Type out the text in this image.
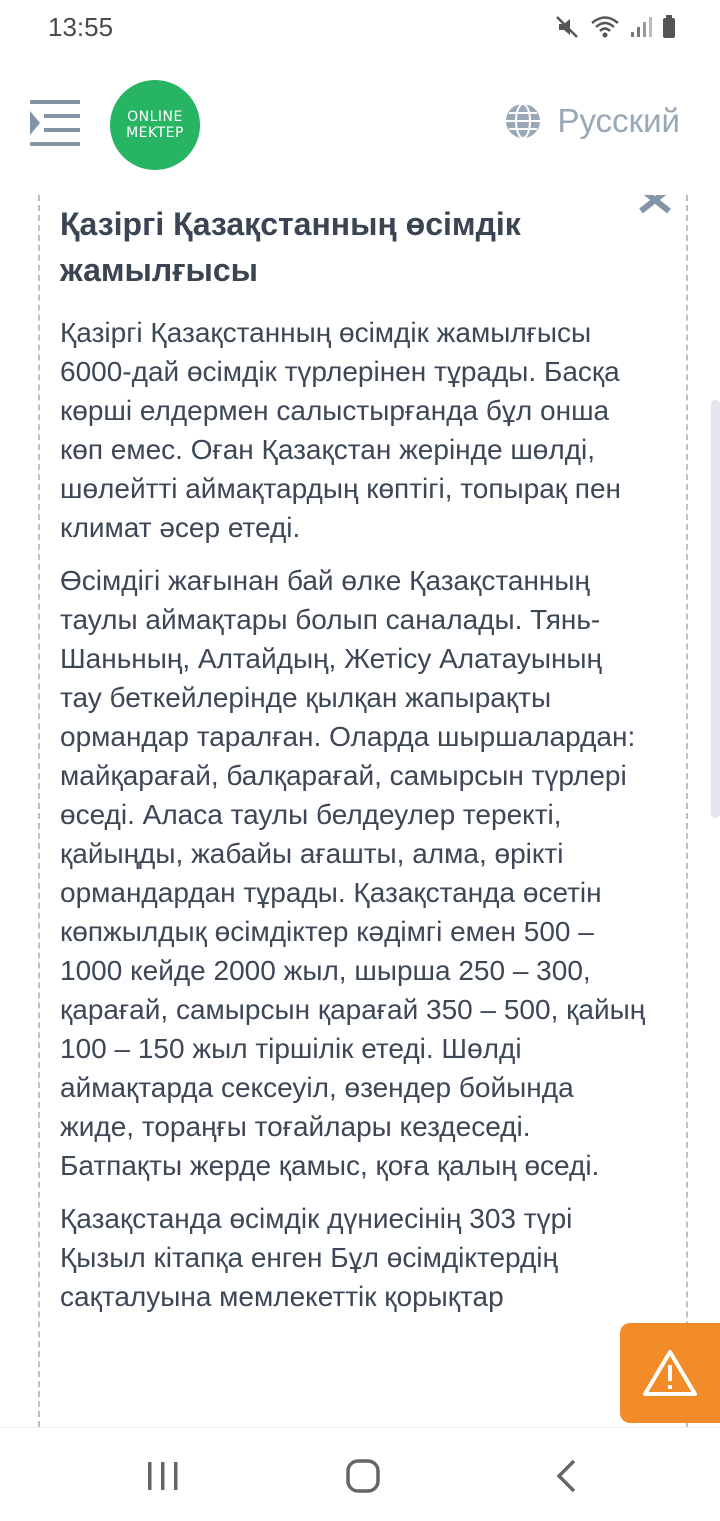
13:55
ONLINE
MEKTEP	Русский
Қазіргі Қазақстанның өсімдік жамылғысы

Қазіргі Қазақстанның өсімдік жамылғысы 6000-дай өсімдік түрлерінен тұрады. Басқа көрші елдермен салыстырғанда бұл онша көп емес. Оған Қазақстан жерінде шөлді, шөлейтті аймақтардың көптігі, топырақ пен климат әсер етеді.

Өсімдігі жағынан бай өлке Қазақстанның таулы аймақтары болып саналады. Тянь-Шаньның, Алтайдың, Жетісу Алатауының тау беткейлерінде қылқан жапырақты ормандар таралған. Оларда шыршалардан: майқарағай, балқарағай, самырсын түрлері өседі. Аласа таулы белдеулер теректі, қайыңды, жабайы ағашты, алма, өрікті ормандардан тұрады. Қазақстанда өсетін көпжылдық өсімдіктер кәдімгі емен 500 – 1000 кейде 2000 жыл, шырша 250 – 300, қарағай, самырсын қарағай 350 – 500, қайың 100 – 150 жыл тіршілік етеді. Шөлді аймақтарда сексеуіл, өзендер бойында жиде, тораңғы тоғайлары кездеседі. Батпақты жерде қамыс, қоға қалың өседі.

Қазақстанда өсімдік дүниесінің 303 түрі Қызыл кітапқа енген Бұл өсімдіктердің сақталуына мемлекеттік қорықтар
